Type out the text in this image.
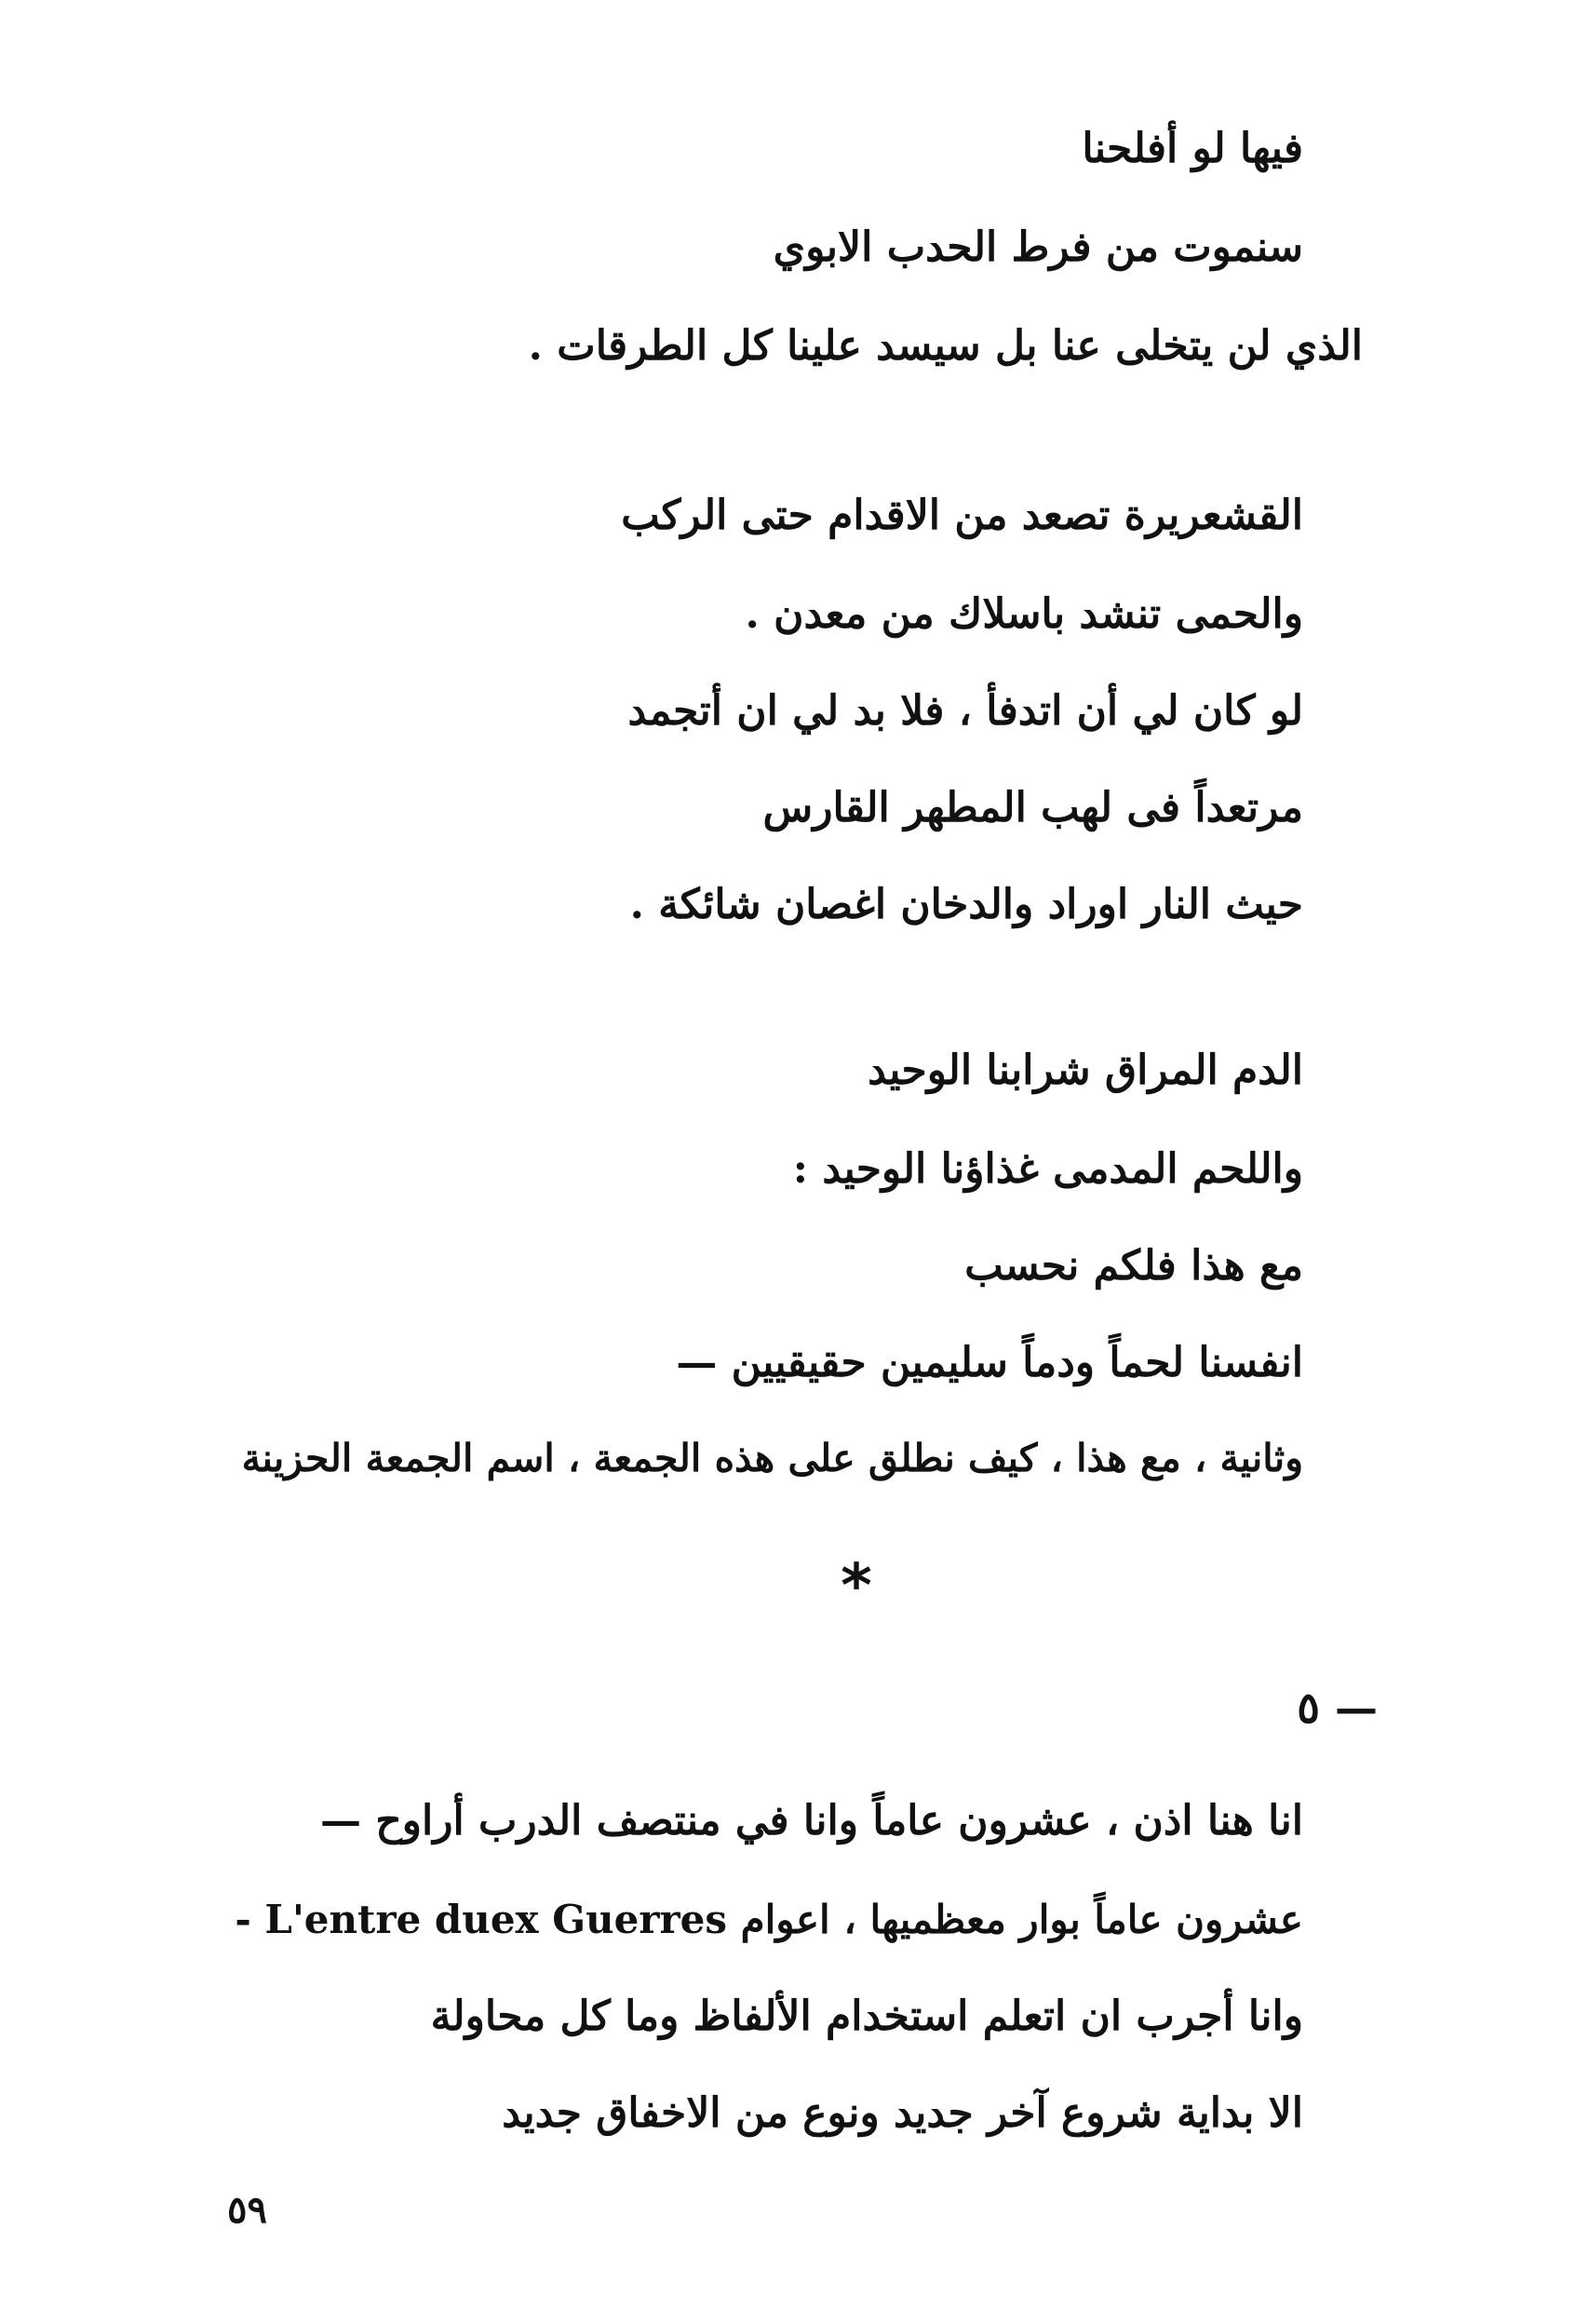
فيها لو أفلحنا
سنموت من فرط الحدب الابوي
الذي لن يتخلى عنا بل سيسد علينا كل الطرقات .
القشعريرة تصعد من الاقدام حتى الركب
والحمى تنشد باسلاك من معدن .
لو كان لي أن اتدفأ ، فلا بد لي ان أتجمد
مرتعداً فى لهب المطهر القارس
حيث النار اوراد والدخان اغصان شائكة .
الدم المراق شرابنا الوحيد
واللحم المدمى غذاؤنا الوحيد :
مع هذا فلكم نحسب
انفسنا لحماً ودماً سليمين حقيقيين —
وثانية ، مع هذا ، كيف نطلق على هذه الجمعة ، اسم الجمعة الحزينة
*
٥ —
انا هنا اذن ، عشرون عاماً وانا في منتصف الدرب أراوح —
عشرون عاماً بوار معظميها ، اعوام L'entre duex Guerres -
وانا أجرب ان اتعلم استخدام الألفاظ وما كل محاولة
الا بداية شروع آخر جديد ونوع من الاخفاق جديد
٥٩
